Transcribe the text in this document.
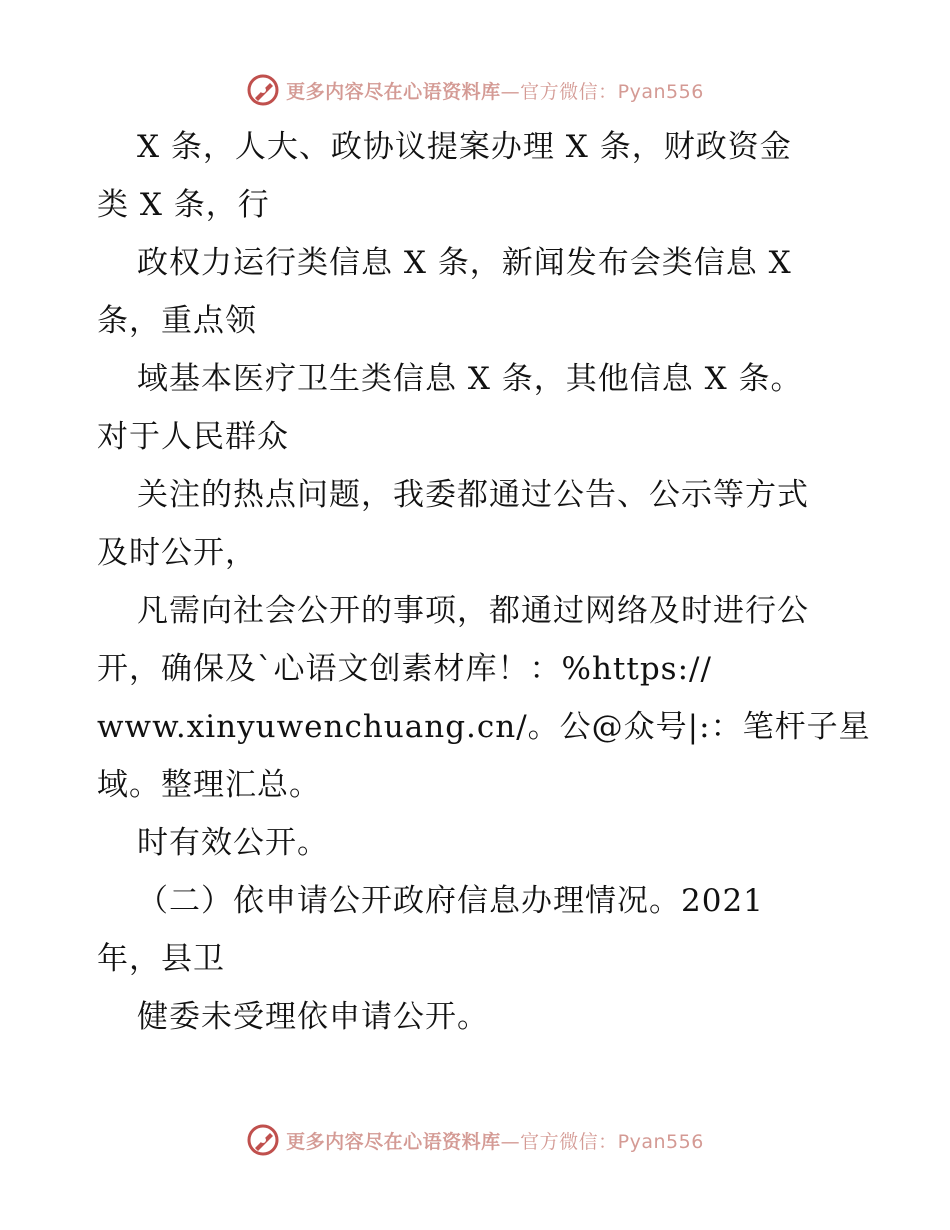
更多内容尽在心语资料库—官方微信：Pyan556
X 条，人大、政协议提案办理 X 条，财政资金
类 X 条，行
政权力运行类信息 X 条，新闻发布会类信息 X
条，重点领
域基本医疗卫生类信息 X 条，其他信息 X 条。
对于人民群众
关注的热点问题，我委都通过公告、公示等方式
及时公开，
凡需向社会公开的事项，都通过网络及时进行公
开，确保及`心语文创素材库！：%https://
www.xinyuwenchuang.cn/。公@众号|:：笔杆子星
域。整理汇总。
时有效公开。
（二）依申请公开政府信息办理情况。2021
年，县卫
健委未受理依申请公开。
更多内容尽在心语资料库—官方微信：Pyan556
